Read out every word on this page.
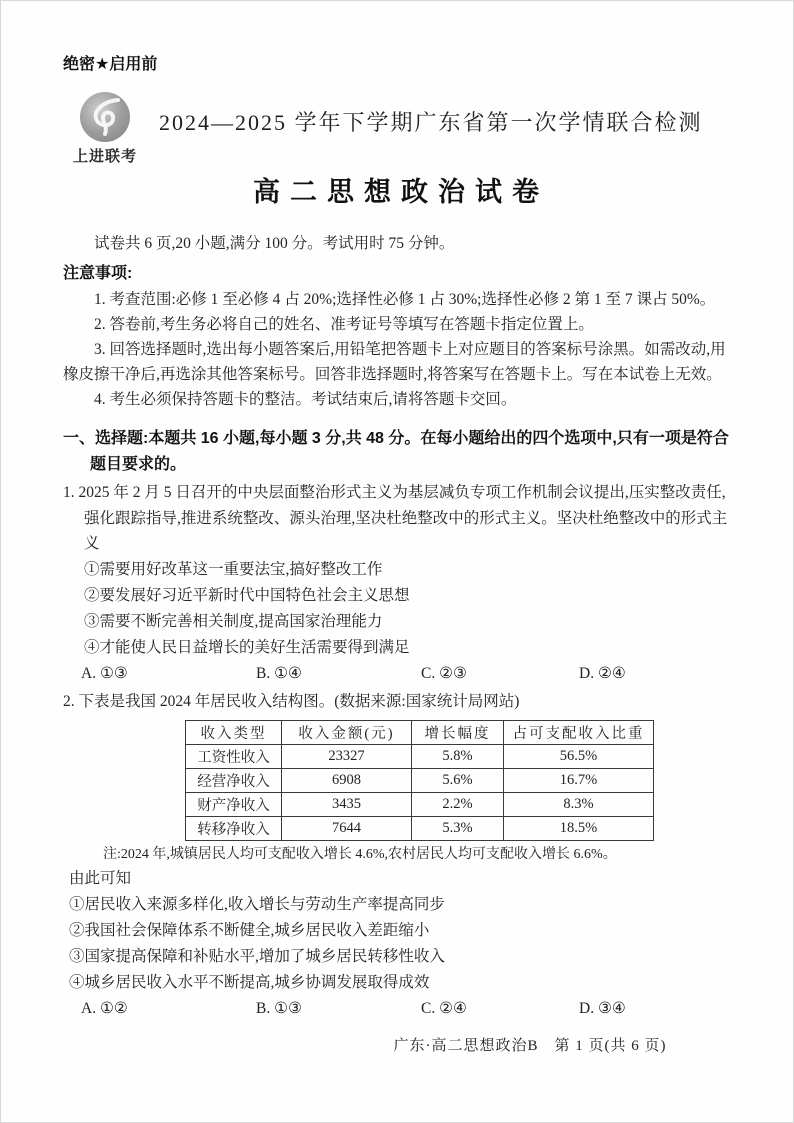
绝密★启用前
上进联考
2024—2025 学年下学期广东省第一次学情联合检测
高二思想政治试卷
试卷共 6 页,20 小题,满分 100 分。考试用时 75 分钟。
注意事项:
1. 考查范围:必修 1 至必修 4 占 20%;选择性必修 1 占 30%;选择性必修 2 第 1 至 7 课占 50%。
2. 答卷前,考生务必将自己的姓名、准考证号等填写在答题卡指定位置上。
3. 回答选择题时,选出每小题答案后,用铅笔把答题卡上对应题目的答案标号涂黑。如需改动,用橡皮擦干净后,再选涂其他答案标号。回答非选择题时,将答案写在答题卡上。写在本试卷上无效。
4. 考生必须保持答题卡的整洁。考试结束后,请将答题卡交回。
一、选择题:本题共 16 小题,每小题 3 分,共 48 分。在每小题给出的四个选项中,只有一项是符合题目要求的。
1. 2025 年 2 月 5 日召开的中央层面整治形式主义为基层减负专项工作机制会议提出,压实整改责任,强化跟踪指导,推进系统整改、源头治理,坚决杜绝整改中的形式主义。坚决杜绝整改中的形式主义
①需要用好改革这一重要法宝,搞好整改工作
②要发展好习近平新时代中国特色社会主义思想
③需要不断完善相关制度,提高国家治理能力
④才能使人民日益增长的美好生活需要得到满足
A. ①③	B. ①④	C. ②③	D. ②④
2. 下表是我国 2024 年居民收入结构图。(数据来源:国家统计局网站)
收入类型	收入金额(元)	增长幅度	占可支配收入比重
工资性收入	23327	5.8%	56.5%
经营净收入	6908	5.6%	16.7%
财产净收入	3435	2.2%	8.3%
转移净收入	7644	5.3%	18.5%
注:2024 年,城镇居民人均可支配收入增长 4.6%,农村居民人均可支配收入增长 6.6%。
由此可知
①居民收入来源多样化,收入增长与劳动生产率提高同步
②我国社会保障体系不断健全,城乡居民收入差距缩小
③国家提高保障和补贴水平,增加了城乡居民转移性收入
④城乡居民收入水平不断提高,城乡协调发展取得成效
A. ①②	B. ①③	C. ②④	D. ③④
广东·高二思想政治B　第 1 页(共 6 页)
